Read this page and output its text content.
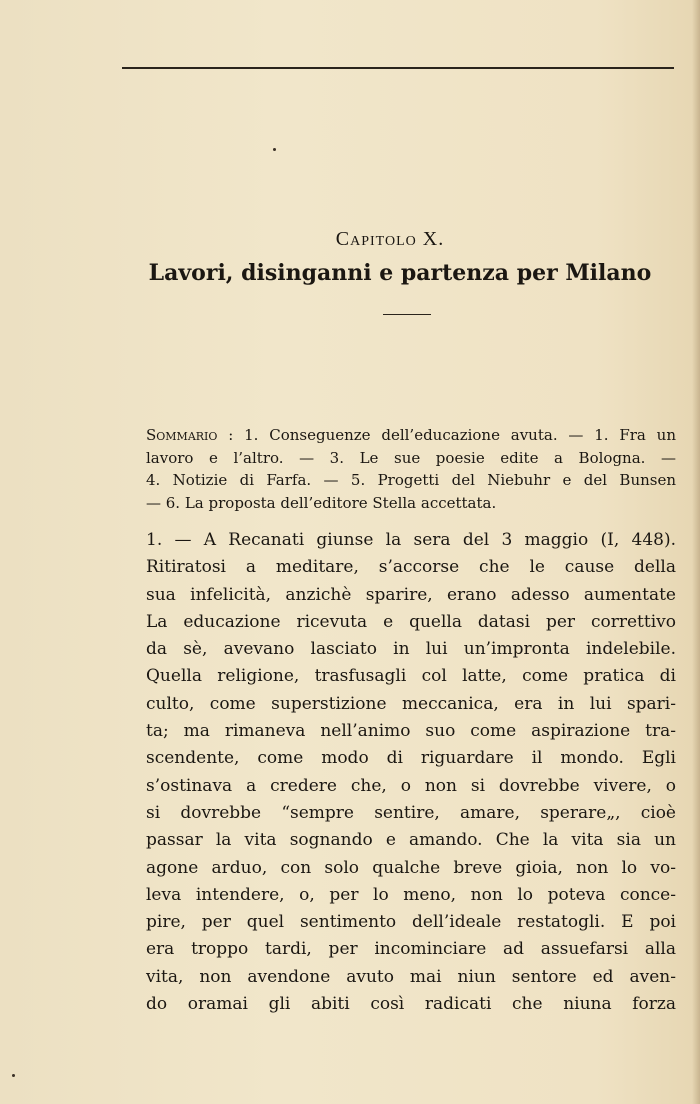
Capitolo X.
Lavori, disinganni e partenza per Milano
Sommario : 1. Conseguenze dell’educazione avuta. — 1. Fra un
lavoro e l’altro. — 3. Le sue poesie edite a Bologna. —
4. Notizie di Farfa. — 5. Progetti del Niebuhr e del Bunsen
— 6. La proposta dell’editore Stella accettata.
1. — A Recanati giunse la sera del 3 maggio (I, 448).
Ritiratosi a meditare, s’accorse che le cause della
sua infelicità, anzichè sparire, erano adesso aumentate
La educazione ricevuta e quella datasi per correttivo
da sè, avevano lasciato in lui un’impronta indelebile.
Quella religione, trasfusagli col latte, come pratica di
culto, come superstizione meccanica, era in lui spari-
ta; ma rimaneva nell’animo suo come aspirazione tra-
scendente, come modo di riguardare il mondo. Egli
s’ostinava a credere che, o non si dovrebbe vivere, o
si dovrebbe “sempre sentire, amare, sperare„, cioè
passar la vita sognando e amando. Che la vita sia un
agone arduo, con solo qualche breve gioia, non lo vo-
leva intendere, o, per lo meno, non lo poteva conce-
pire, per quel sentimento dell’ideale restatogli. E poi
era troppo tardi, per incominciare ad assuefarsi alla
vita, non avendone avuto mai niun sentore ed aven-
do oramai gli abiti così radicati che niuna forza
